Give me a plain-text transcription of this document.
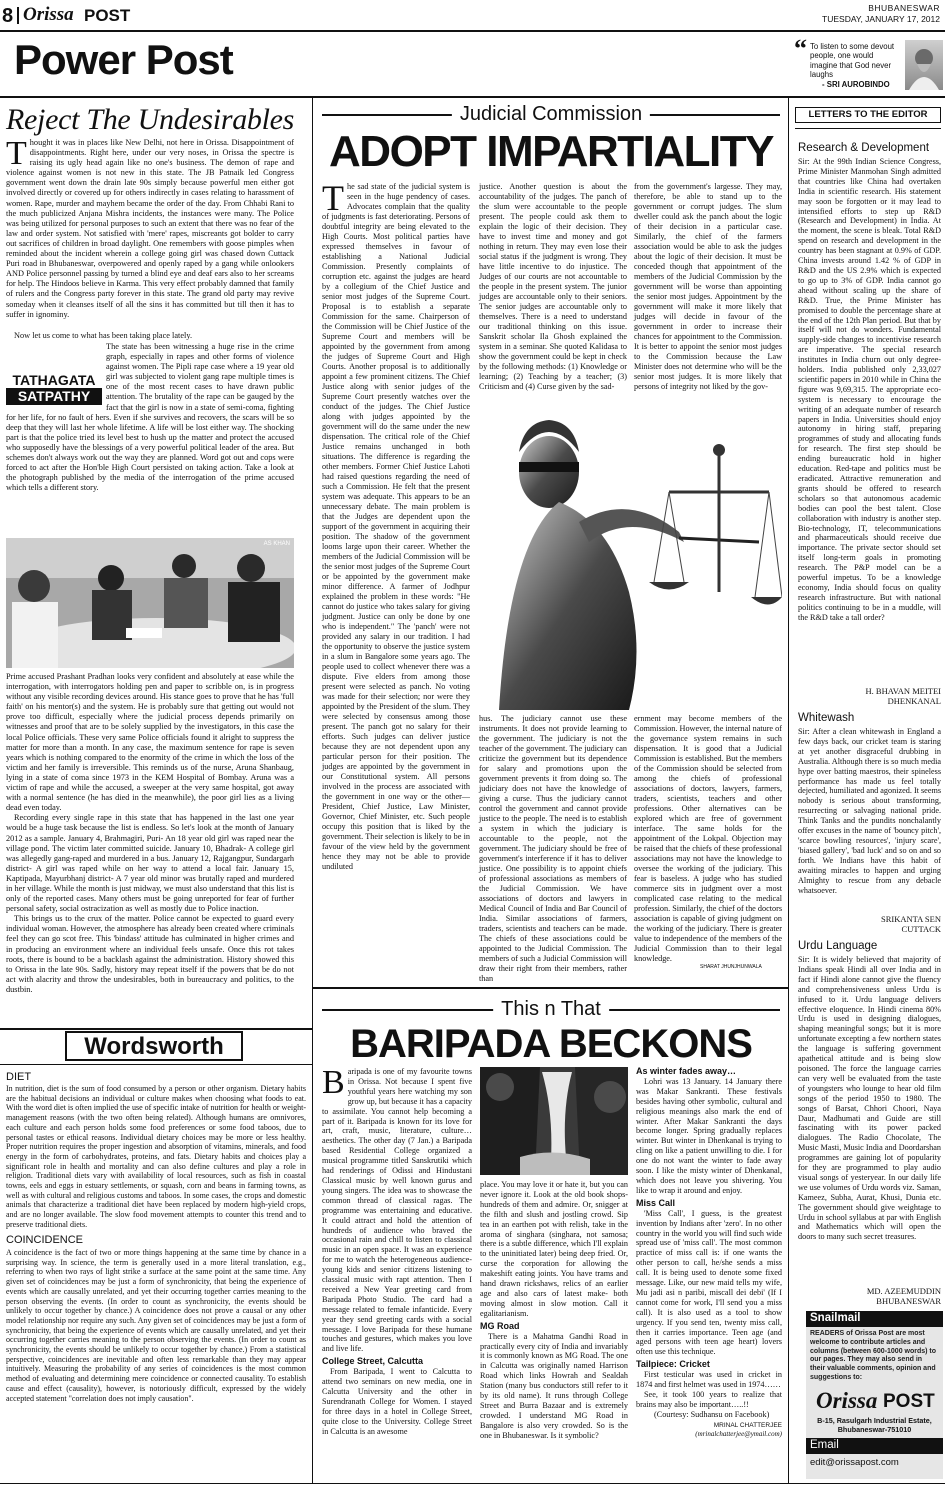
8 Orissa POST	BHUBANESWAR
TUESDAY, JANUARY 17, 2012
Power Post	“ To listen to some devout people, one would imagine that God never laughs
- SRI AUROBINDO
Reject The Undesirables
Thought it was in places like New Delhi, not here in Orissa. Disappointment of disappointments. Right here, under our very noses, in Orissa the spectre is raising its ugly head again like no one's business. The demon of rape and violence against women is not new in this state. The JB Patnaik led Congress government went down the drain late 90s simply because powerful men either got involved directly or covered up for others indirectly in cases relating to harassment of women. Rape, murder and mayhem became the order of the day. From Chhabi Rani to the much publicized Anjana Mishra incidents, the instances were many. The Police was being utilized for personal purposes to such an extent that there was no fear of the law and order system. Not satisfied with 'mere' rapes, miscreants got bolder to carry out sacrifices of children in broad daylight. One remembers with goose pimples when reminded about the incident wherein a college going girl was chased down Cuttack Puri road in Bhubaneswar, overpowered and openly raped by a gang while onlookers AND Police personnel passing by turned a blind eye and deaf ears also to her screams for help. The Hindoos believe in Karma. This very effect probably damned that family of rulers and the Congress party forever in this state. The grand old party may revive someday when it cleanses itself of all the sins it has committed but till then it has to suffer in ignominy.
Now let us come to what has been taking place lately.
TATHAGATA
SATPATHY
The state has been witnessing a huge rise in the crime graph, especially in rapes and other forms of violence against women. The Pipli rape case where a 19 year old girl was subjected to violent gang rape multiple times is one of the most recent cases to have drawn public attention. The brutality of the rape can be gauged by the fact that the girl is now in a state of semi-coma, fighting for her life, for no fault of hers. Even if she survives and recovers, the scars will be so deep that they will last her whole lifetime. A life will be lost either way. The shocking part is that the police tried its level best to hush up the matter and protect the accused who supposedly have the blessings of a very powerful political leader of the area. But schemes don't always work out the way they are planned. Word got out and cops were forced to act after the Hon'ble High Court persisted on taking action. Take a look at the photograph published by the media of the interrogation of the prime accused which tells a different story.
AS KHAN

Prime accused Prashant Pradhan looks very confident and absolutely at ease while the interrogation, with interrogators holding pen and paper to scribble on, is in progress without any visible recording devices around. His stance goes to prove that he has 'full faith' on his mentor(s) and the system. He is probably sure that getting out would not prove too difficult, especially where the judicial process depends primarily on witnesses and proof that are to be solely supplied by the investigators, in this case the local Police officials. These very same Police officials found it alright to suppress the matter for more than a month. In any case, the maximum sentence for rape is seven years which is nothing compared to the enormity of the crime in which the loss of the victim and her family is irreversible. This reminds us of the nurse, Aruna Shanbaug, lying in a state of coma since 1973 in the KEM Hospital of Bombay. Aruna was a victim of rape and while the accused, a sweeper at the very same hospital, got away with a normal sentence (he has died in the meanwhile), the poor girl lies as a living dead even today.

Recording every single rape in this state that has happened in the last one year would be a huge task because the list is endless. So let's look at the month of January 2012 as a sample. January 4, Brahmagiri, Puri- An 18 year old girl was raped near the village pond. The victim later committed suicide. January 10, Bhadrak- A college girl was allegedly gang-raped and murdered in a bus. January 12, Rajgangpur, Sundargarh district- A girl was raped while on her way to attend a local fair. January 15, Kaptipada, Mayurbhanj district- A 7 year old minor was brutally raped and murdered in her village. While the month is just midway, we must also understand that this list is only of the reported cases. Many others must be going unreported for fear of further personal safety, social ostracization as well as mostly due to Police inaction.

This brings us to the crux of the matter. Police cannot be expected to guard every individual woman. However, the atmosphere has already been created where criminals feel they can go scot free. This 'bindass' attitude has culminated in higher crimes and in producing an environment where an individual feels unsafe. Once this rot takes roots, there is bound to be a backlash against the administration. History showed this to Orissa in the late 90s. Sadly, history may repeat itself if the powers that be do not act with alacrity and throw the undesirables, both in bureaucracy and politics, to the dustbin.

Wordsworth
DIET
In nutrition, diet is the sum of food consumed by a person or other organism. Dietary habits are the habitual decisions an individual or culture makes when choosing what foods to eat. With the word diet is often implied the use of specific intake of nutrition for health or weight-management reasons (with the two often being related). Although humans are omnivores, each culture and each person holds some food preferences or some food taboos, due to personal tastes or ethical reasons. Individual dietary choices may be more or less healthy. Proper nutrition requires the proper ingestion and absorption of vitamins, minerals, and food energy in the form of carbohydrates, proteins, and fats. Dietary habits and choices play a significant role in health and mortality and can also define cultures and play a role in religion. Traditional diets vary with availability of local resources, such as fish in coastal towns, eels and eggs in estuary settlements, or squash, corn and beans in farming towns, as well as with cultural and religious customs and taboos. In some cases, the crops and domestic animals that characterize a traditional diet have been replaced by modern high-yield crops, and are no longer available. The slow food movement attempts to counter this trend and to preserve traditional diets.
COINCIDENCE
A coincidence is the fact of two or more things happening at the same time by chance in a surprising way. In science, the term is generally used in a more literal translation, e.g., referring to when two rays of light strike a surface at the same point at the same time. Any given set of coincidences may be just a form of synchronicity, that being the experience of events which are causally unrelated, and yet their occurring together carries meaning to the person observing the events. (In order to count as synchronicity, the events should be unlikely to occur together by chance.) A coincidence does not prove a causal or any other model relationship nor require any such. Any given set of coincidences may be just a form of synchronicity, that being the experience of events which are causally unrelated, and yet their occurring together carries meaning to the person observing the events. (In order to count as synchronicity, the events should be unlikely to occur together by chance.) From a statistical perspective, coincidences are inevitable and often less remarkable than they may appear intuitively. Measuring the probability of any series of coincidences is the most common method of evaluating and determining mere coincidence or connected causality. To establish cause and effect (causality), however, is notoriously difficult, expressed by the widely accepted statement "correlation does not imply causation".
Judicial Commission
ADOPT IMPARTIALITY
The sad state of the judicial system is seen in the huge pendency of cases. Advocates complain that the quality of judgments is fast deteriorating. Persons of doubtful integrity are being elevated to the High Courts. Most political parties have expressed themselves in favour of establishing a National Judicial Commission. Presently complaints of corruption etc. against the judges are heard by a collegium of the Chief Justice and senior most judges of the Supreme Court. Proposal is to establish a separate Commission for the same. Chairperson of the Commission will be Chief Justice of the Supreme Court and members will be appointed by the government from among the judges of Supreme Court and High Courts. Another proposal is to additionally appoint a few prominent citizens. The Chief Justice along with senior judges of the Supreme Court presently watches over the conduct of the judges. The Chief Justice along with judges appointed by the government will do the same under the new dispensation. The critical role of the Chief Justice remains unchanged in both situations. The difference is regarding the other members. Former Chief Justice Lahoti had raised questions regarding the need of such a Commission. He felt that the present system was adequate. This appears to be an unnecessary debate. The main problem is that the Judges are dependent upon the support of the government in acquiring their position. The shadow of the government looms large upon their career. Whether the members of the Judicial Commission will be the senior most judges of the Supreme Court or be appointed by the government make minor difference. A farmer of Jodhpur explained the problem in these words: "He cannot do justice who takes salary for giving judgment. Justice can only be done by one who is independent." The 'panch' were not provided any salary in our tradition. I had the opportunity to observe the justice system in a slum in Bangalore some years ago. The people used to collect whenever there was a dispute. Five elders from among those present were selected as panch. No voting was made for their selection; nor were they appointed by the President of the slum. They were selected by consensus among those present. The panch got no salary for their efforts. Such judges can deliver justice because they are not dependent upon any particular person for their position. The judges are appointed by the government in our Constitutional system. All persons involved in the process are associated with the government in one way or the other—President, Chief Justice, Law Minister, Governor, Chief Minister, etc. Such people occupy this position that is liked by the government. Their selection is likely to be in favour of the view held by the government hence they may not be able to provide undiluted
justice. Another question is about the accountability of the judges. The panch of the slum were accountable to the people present. The people could ask them to explain the logic of their decision. They have to invest time and money and got nothing in return. They may even lose their social status if the judgment is wrong. They have little incentive to do injustice. The Judges of our courts are not accountable to the people in the present system. The junior judges are accountable only to their seniors. The senior judges are accountable only to themselves. There is a need to understand our traditional thinking on this issue. Sanskrit scholar Ila Ghosh explained the system in a seminar. She quoted Kalidasa to show the government could be kept in check by the following methods: (1) Knowledge or learning; (2) Teaching by a teacher; (3) Criticism and (4) Curse given by the sad-
from the government's largesse. They may, therefore, be able to stand up to the government or corrupt judges. The slum dweller could ask the panch about the logic of their decision in a particular case. Similarly, the chief of the farmers association would be able to ask the judges about the logic of their decision. It must be conceded though that appointment of the members of the Judicial Commission by the government will be worse than appointing the senior most judges. Appointment by the government will make it more likely that judges will decide in favour of the government in order to increase their chances for appointment to the Commission. It is better to appoint the senior most judges to the Commission because the Law Minister does not determine who will be the senior most judges. It is more likely that persons of integrity not liked by the gov-
hus. The judiciary cannot use these instruments. It does not provide learning to the government. The judiciary is not the teacher of the government. The judiciary can criticize the government but its dependence for salary and promotions upon the government prevents it from doing so. The judiciary does not have the knowledge of giving a curse. Thus the judiciary cannot control the government and cannot provide justice to the people. The need is to establish a system in which the judiciary is accountable to the people, not the government. The judiciary should be free of government's interference if it has to deliver justice. One possibility is to appoint chiefs of professional associations as members of the Judicial Commission. We have associations of doctors and lawyers in Medical Council of India and Bar Council of India. Similar associations of farmers, traders, scientists and teachers can be made. The chiefs of these associations could be appointed to the Judicial Commission. The members of such a Judicial Commission will draw their right from their members, rather than
ernment may become members of the Commission. However, the internal nature of the governance system remains in such dispensation. It is good that a Judicial Commission is established. But the members of the Commission should be selected from among the chiefs of professional associations of doctors, lawyers, farmers, traders, scientists, teachers and other professions. Other alternatives can be explored which are free of government interface. The same holds for the appointment of the Lokpal. Objection may be raised that the chiefs of these professional associations may not have the knowledge to oversee the working of the judiciary. This fear is baseless. A judge who has studied commerce sits in judgment over a most complicated case relating to the medical profession. Similarly, the chief of the doctors association is capable of giving judgment on the working of the judiciary. There is greater value to independence of the members of the Judicial Commission than to their legal knowledge.
SHARAT JHUNJHUNWALA
This n That
BARIPADA BECKONS
Baripada is one of my favourite towns in Orissa. Not because I spent five youthful years here watching my son grow up, but because it has a capacity to assimilate. You cannot help becoming a part of it. Baripada is known for its love for art, craft, music, literature, culture…aesthetics. The other day (7 Jan.) a Baripada based Residential College organized a musical programme titled Sanskrutiki which had renderings of Odissi and Hindustani Classical music by well known gurus and young singers. The idea was to showcase the common thread of classical ragas. The programme was entertaining and educative. It could attract and hold the attention of hundreds of audience who braved the occasional rain and chill to listen to classical music in an open space. It was an experience for me to watch the heterogeneous audience- young kids and senior citizens listening to classical music with rapt attention. Then I received a New Year greeting card from Baripada Photo Studio. The card had a message related to female infanticide. Every year they send greeting cards with a social message. I love Baripada for these humane touches and gestures, which makes you love and live life.
College Street, Calcutta
From Baripada, I went to Calcutta to attend two seminars on new media, one in Calcutta University and the other in Surendranath College for Women. I stayed for three days in a hotel in College Street, quite close to the University. College Street in Calcutta is an awesome
place. You may love it or hate it, but you can never ignore it. Look at the old book shops- hundreds of them and admire. Or, snigger at the filth and slush and jostling crowd. Sip tea in an earthen pot with relish, take in the aroma of singhara (singhara, not samosa; there is a subtle difference, which I'll explain to the uninitiated later) being deep fried. Or, curse the corporation for allowing the makeshift eating joints. You have trams and hand drawn rickshaws, relics of an earlier age and also cars of latest make- both moving almost in slow motion. Call it egalitarianism.
MG Road
There is a Mahatma Gandhi Road in practically every city of India and invariably it is commonly known as MG Road. The one in Calcutta was originally named Harrison Road which links Howrah and Sealdah Station (many bus conductors still refer to it by its old name). It runs through College Street and Burra Bazaar and is extremely crowded. I understand MG Road in Bangalore is also very crowded. So is the one in Bhubaneswar. Is it symbolic?
As winter fades away…
Lohri was 13 January. 14 January there was Makar Sankranti. These festivals besides having other symbolic, cultural and religious meanings also mark the end of winter. After Makar Sankranti the days become longer. Spring gradually replaces winter. But winter in Dhenkanal is trying to cling on like a patient unwilling to die. I for one do not want the winter to fade away soon. I like the misty winter of Dhenkanal, which does not leave you shivering. You like to wrap it around and enjoy.
Miss Call
'Miss Call', I guess, is the greatest invention by Indians after 'zero'. In no other country in the world you will find such wide spread use of 'miss call'. The most common practice of miss call is: if one wants the other person to call, he/she sends a miss call. It is being used to denote some fixed message. Like, our new maid tells my wife, Mu jadi asi n paribi, miscall dei debi' (If I cannot come for work, I'll send you a miss call). It is also used as a tool to show urgency. If you send ten, twenty miss call, then it carries importance. Teen age (and aged persons with teen age heart) lovers often use this technique.
Tailpiece: Cricket
First testicular was used in cricket in 1874 and first helmet was used in 1974……
See, it took 100 years to realize that brains may also be important…..!!
(Courtesy: Sudhansu on Facebook)
MRINAL CHATTERJEE
(mrinalchatterjee@ymail.com)
LETTERS TO THE EDITOR
Research & Development
Sir: At the 99th Indian Science Congress, Prime Minister Manmohan Singh admitted that countries like China had overtaken India in scientific research. His statement may soon be forgotten or it may lead to intensified efforts to step up R&D (Research and Development) in India. At the moment, the scene is bleak. Total R&D spend on research and development in the country has been stagnant at 0.9% of GDP. China invests around 1.42 % of GDP in R&D and the US 2.9% which is expected to go up to 3% of GDP. India cannot go ahead without scaling up the share of R&D. True, the Prime Minister has promised to double the percentage share at the end of the 12th Plan period. But that by itself will not do wonders. Fundamental supply-side changes to incentivise research are imperative. The special research institutes in India churn out only degree-holders. India published only 2,33,027 scientific papers in 2010 while in China the figure was 9,69,315. The appropriate eco-system is necessary to encourage the writing of an adequate number of research papers in India. Universities should enjoy autonomy in hiring staff, preparing programmes of study and allocating funds for research. The first step should be ending bureaucratic hold in higher education. Red-tape and politics must be eradicated. Attractive remuneration and grants should be offered to research scholars so that autonomous academic bodies can pool the best talent. Close collaboration with industry is another step. Bio-technology, IT, telecommunications and pharmaceuticals should receive due importance. The private sector should set itself long-term goals in promoting research. The P&P model can be a powerful impetus. To be a knowledge economy, India should focus on quality research infrastructure. But with national politics continuing to be in a muddle, will the R&D take a tall order?
H. BHAVAN MEITEI
DHENKANAL
Whitewash
Sir: After a clean whitewash in England a few days back, our cricket team is staring at yet another disgraceful drubbing in Australia. Although there is so much media hype over batting maestros, their spineless performance has made us feel totally dejected, humiliated and agonized. It seems nobody is serious about transforming, resurrecting or salvaging national pride. Think Tanks and the pundits nonchalantly offer excuses in the name of 'bouncy pitch', 'scarce bowling resources', 'injury scare', 'biased gallery', 'bad luck' and so on and so forth. We Indians have this habit of awaiting miracles to happen and urging Almighty to rescue from any debacle whatsoever.
SRIKANTA SEN
CUTTACK
Urdu Language
Sir: It is widely believed that majority of Indians speak Hindi all over India and in fact if Hindi alone cannot give the fluency and comprehensiveness unless Urdu is infused to it. Urdu language delivers effective eloquence. In Hindi cinema 80% Urdu is used in designing dialogues, shaping meaningful songs; but it is more unfortunate excepting a few northern states the language is suffering government apathetical attitude and is being slow poisoned. The force the language carries can very well be evaluated from the taste of youngsters who lounge to hear old film songs of the period 1950 to 1980. The songs of Barsat, Chhori Choori, Naya Daur, Madhumati and Guide are still fascinating with its power packed dialogues. The Radio Chocolate, The Music Masti, Music India and Doordarshan programmes are gaining lot of popularity for they are programmed to play audio visual songs of yesteryear. In our daily life we use volumes of Urdu words viz. Saman, Kameez, Subha, Aurat, Khusi, Dunia etc. The government should give weightage to Urdu in school syllabus at par with English and Mathematics which will open the doors to many such secret treasures.
MD. AZEEMUDDIN
BHUBANESWAR
Snailmail
READERS of Orissa Post are most welcome to contribute articles and columns (between 600-1000 words) to our pages. They may also send in their valuable comments, opinion and suggestions to:
Orissa POST
B-15, Rasulgarh Industrial Estate, Bhubaneswar-751010
Email
edit@orissapost.com
